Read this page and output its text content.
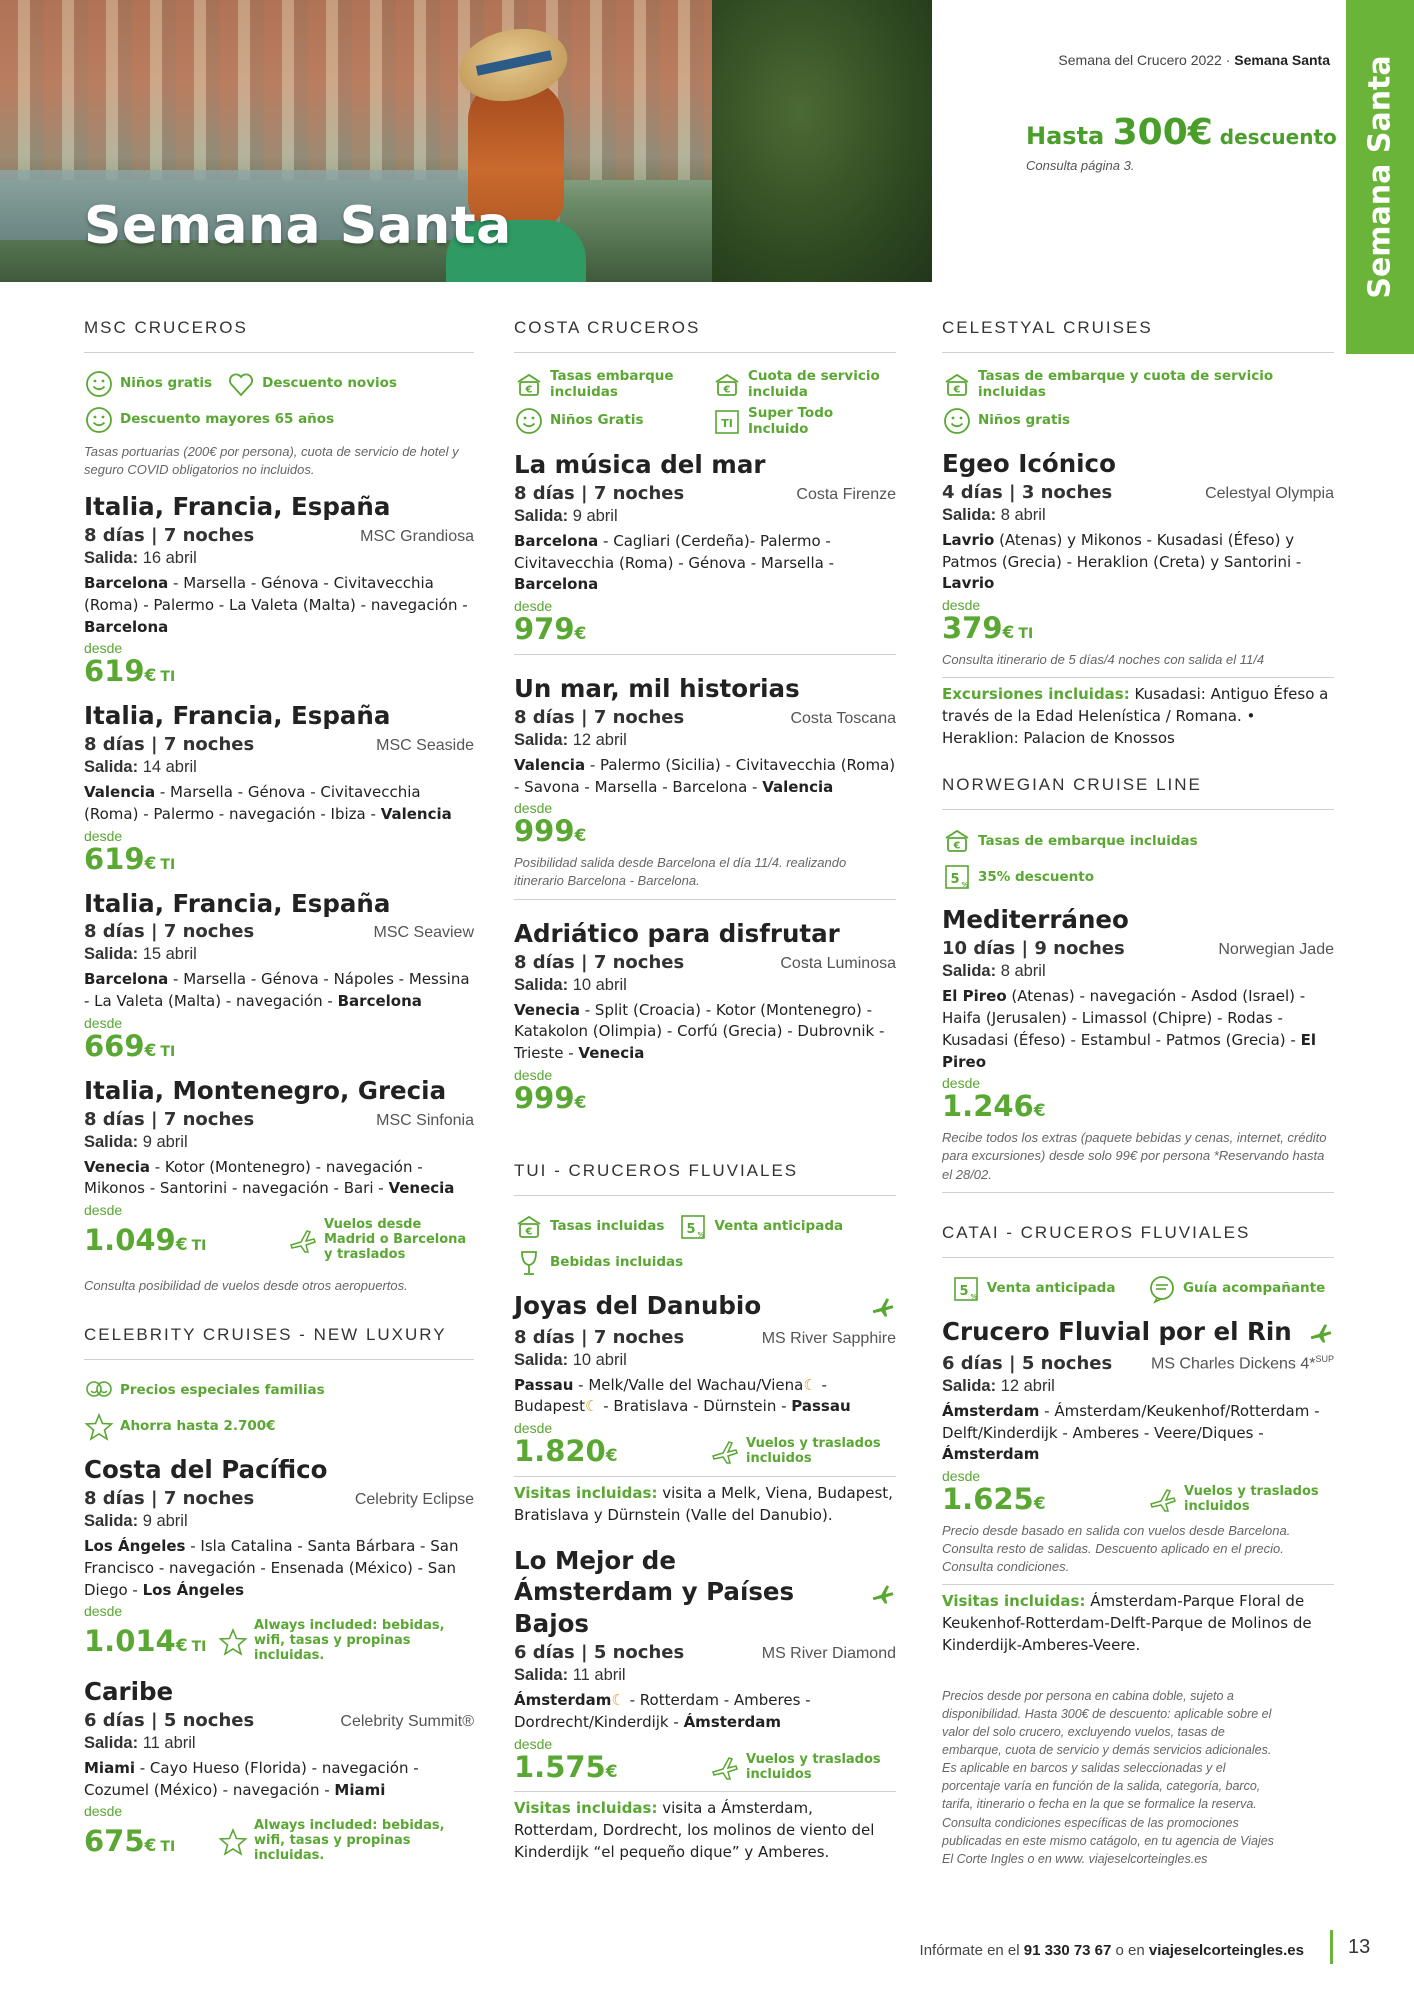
Semana Santa	Semana Santa
Semana del Crucero 2022 · Semana Santa
Hasta 300€ descuento
Consulta página 3.
MSC CRUCEROS
Niños gratis	Descuento novios
Descuento mayores 65 años
Tasas portuarias (200€ por persona), cuota de servicio de hotel y seguro COVID obligatorios no incluidos.
Italia, Francia, España
8 días | 7 noches	MSC Grandiosa
Salida: 16 abril
Barcelona - Marsella - Génova - Civitavecchia (Roma) - Palermo - La Valeta (Malta) - navegación - Barcelona
desde
619€ TI
Italia, Francia, España
8 días | 7 noches	MSC Seaside
Salida: 14 abril
Valencia - Marsella - Génova - Civitavecchia (Roma) - Palermo - navegación - Ibiza - Valencia
desde
619€ TI
Italia, Francia, España
8 días | 7 noches	MSC Seaview
Salida: 15 abril
Barcelona - Marsella - Génova - Nápoles - Messina - La Valeta (Malta) - navegación - Barcelona
desde
669€ TI
Italia, Montenegro, Grecia
8 días | 7 noches	MSC Sinfonia
Salida: 9 abril
Venecia - Kotor (Montenegro) - navegación - Mikonos - Santorini - navegación - Bari - Venecia
desde
1.049€ TI
Vuelos desde Madrid o Barcelona y traslados
Consulta posibilidad de vuelos desde otros aeropuertos.
CELEBRITY CRUISES - NEW LUXURY
Precios especiales familias
Ahorra hasta 2.700€
Costa del Pacífico
8 días | 7 noches	Celebrity Eclipse
Salida: 9 abril
Los Ángeles - Isla Catalina - Santa Bárbara - San Francisco - navegación - Ensenada (México) - San Diego - Los Ángeles
desde
1.014€ TI
Always included: bebidas, wifi, tasas y propinas incluidas.
Caribe
6 días | 5 noches	Celebrity Summit®
Salida: 11 abril
Miami - Cayo Hueso (Florida) - navegación - Cozumel (México) - navegación - Miami
desde
675€ TI
Always included: bebidas, wifi, tasas y propinas incluidas.
COSTA CRUCEROS
€
Tasas embarque incluidas	€
Cuota de servicio incluida
Niños Gratis	TI
Super Todo Incluido
La música del mar
8 días | 7 noches	Costa Firenze
Salida: 9 abril
Barcelona - Cagliari (Cerdeña)- Palermo - Civitavecchia (Roma) - Génova - Marsella - Barcelona
desde
979€
Un mar, mil historias
8 días | 7 noches	Costa Toscana
Salida: 12 abril
Valencia - Palermo (Sicilia) - Civitavecchia (Roma) - Savona - Marsella - Barcelona - Valencia
desde
999€
Posibilidad salida desde Barcelona el día 11/4. realizando itinerario Barcelona - Barcelona.
Adriático para disfrutar
8 días | 7 noches	Costa Luminosa
Salida: 10 abril
Venecia - Split (Croacia) - Kotor (Montenegro) - Katakolon (Olimpia) - Corfú (Grecia) - Dubrovnik - Trieste - Venecia
desde
999€
TUI - CRUCEROS FLUVIALES
€ Tasas incluidas 5 %
Venta anticipada
Bebidas incluidas
Joyas del Danubio
8 días | 7 noches	MS River Sapphire
Salida: 10 abril
Passau - Melk/Valle del Wachau/Viena☾ - Budapest☾ - Bratislava - Dürnstein - Passau
desde
1.820€
Vuelos y traslados incluidos
Visitas incluidas: visita a Melk, Viena, Budapest, Bratislava y Dürnstein (Valle del Danubio).
Lo Mejor de Ámsterdam y Países Bajos
6 días | 5 noches	MS River Diamond
Salida: 11 abril
Ámsterdam☾ - Rotterdam - Amberes - Dordrecht/Kinderdijk - Ámsterdam
desde
1.575€
Vuelos y traslados incluidos
Visitas incluidas: visita a Ámsterdam, Rotterdam, Dordrecht, los molinos de viento del Kinderdijk “el pequeño dique” y Amberes.
CELESTYAL CRUISES
€
Tasas de embarque y cuota de servicio incluidas
Niños gratis
Egeo Icónico
4 días | 3 noches	Celestyal Olympia
Salida: 8 abril
Lavrio (Atenas) y Mikonos - Kusadasi (Éfeso) y Patmos (Grecia) - Heraklion (Creta) y Santorini - Lavrio
desde
379€ TI
Consulta itinerario de 5 días/4 noches con salida el 11/4
Excursiones incluidas: Kusadasi: Antiguo Éfeso a través de la Edad Helenística / Romana. • Heraklion: Palacion de Knossos
NORWEGIAN CRUISE LINE
€ Tasas de embarque incluidas
5 %
35% descuento
Mediterráneo
10 días | 9 noches	Norwegian Jade
Salida: 8 abril
El Pireo (Atenas) - navegación - Asdod (Israel) - Haifa (Jerusalen) - Limassol (Chipre) - Rodas - Kusadasi (Éfeso) - Estambul - Patmos (Grecia) - El Pireo
desde
1.246€
Recibe todos los extras (paquete bebidas y cenas, internet, crédito para excursiones) desde solo 99€ por persona *Reservando hasta el 28/02.
CATAI - CRUCEROS FLUVIALES
5 %
Venta anticipada	Guía acompañante
Crucero Fluvial por el Rin
6 días | 5 noches MS Charles Dickens 4*$^{SUP}$
Salida: 12 abril
Ámsterdam - Ámsterdam/Keukenhof/Rotterdam - Delft/Kinderdijk - Amberes - Veere/Diques - Ámsterdam
desde
1.625€
Vuelos y traslados incluidos
Precio desde basado en salida con vuelos desde Barcelona. Consulta resto de salidas. Descuento aplicado en el precio. Consulta condiciones.
Visitas incluidas: Ámsterdam-Parque Floral de Keukenhof-Rotterdam-Delft-Parque de Molinos de Kinderdijk-Amberes-Veere.
Precios desde por persona en cabina doble, sujeto a disponibilidad. Hasta 300€ de descuento: aplicable sobre el valor del solo crucero, excluyendo vuelos, tasas de embarque, cuota de servicio y demás servicios adicionales. Es aplicable en barcos y salidas seleccionadas y el porcentaje varía en función de la salida, categoría, barco, tarifa, itinerario o fecha en la que se formalice la reserva. Consulta condiciones específicas de las promociones publicadas en este mismo catágolo, en tu agencia de Viajes El Corte Ingles o en www. viajeselcorteingles.es
Infórmate en el 91 330 73 67 o en viajeselcorteingles.es 13
